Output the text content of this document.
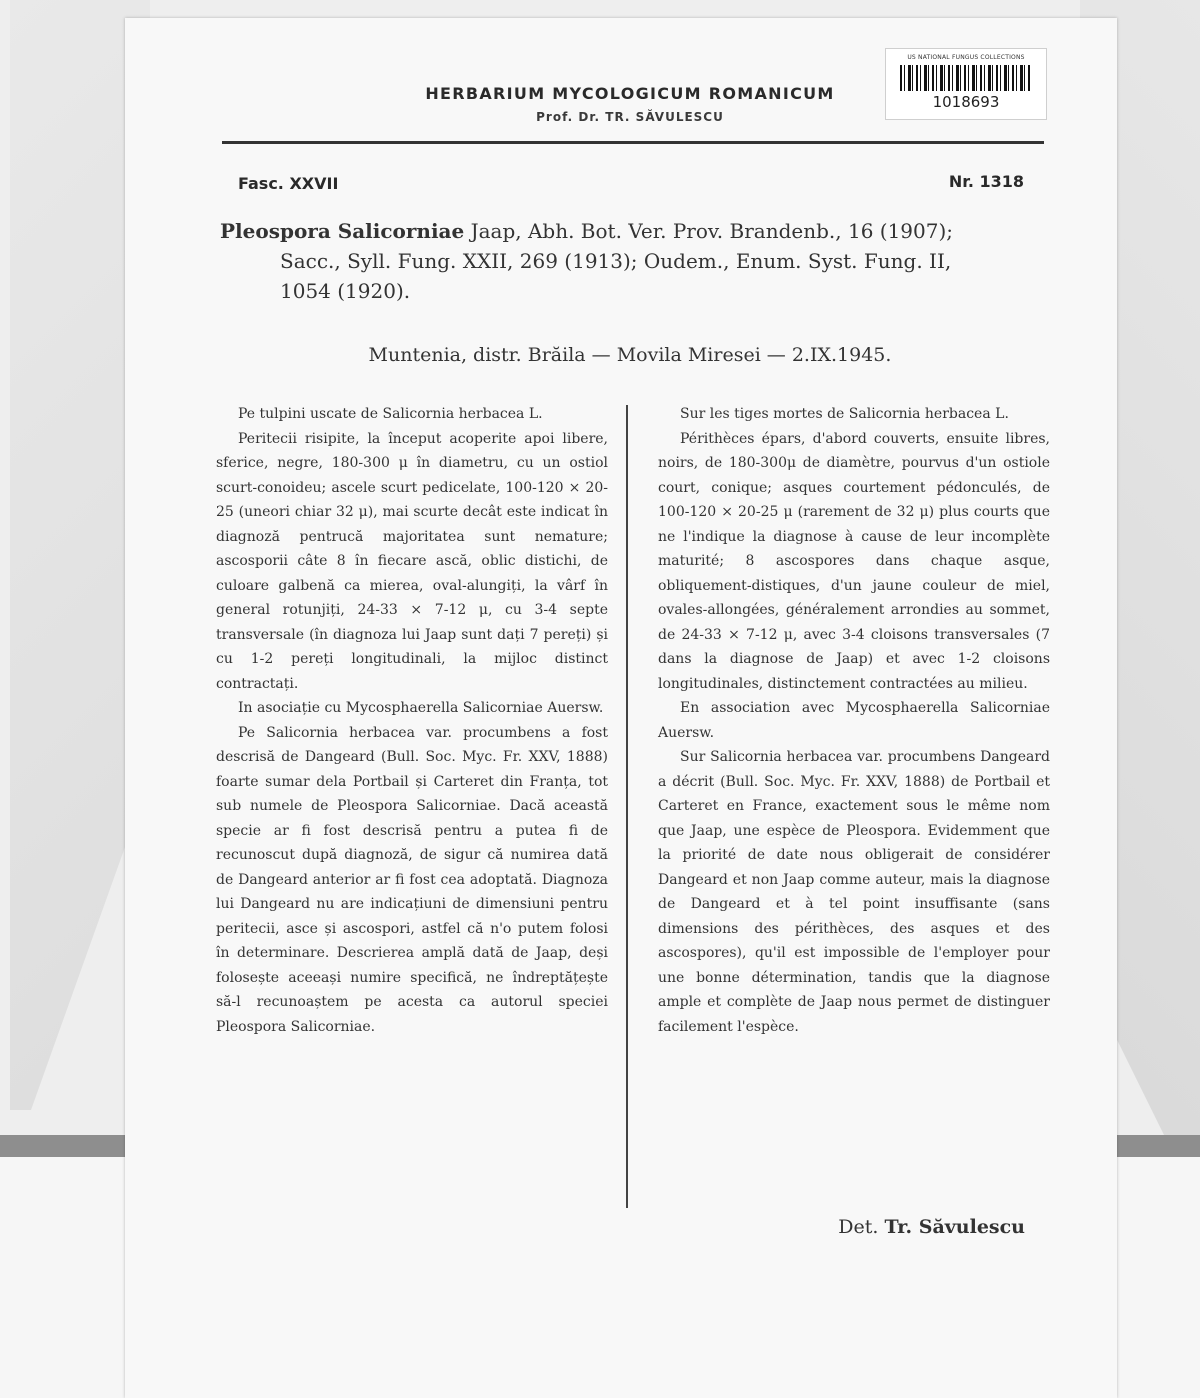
US NATIONAL FUNGUS COLLECTIONS
1018693
HERBARIUM MYCOLOGICUM ROMANICUM
Prof. Dr. TR. SĂVULESCU
Fasc. XXVII	Nr. 1318
Pleospora Salicorniae Jaap, Abh. Bot. Ver. Prov. Brandenb., 16 (1907);
Sacc., Syll. Fung. XXII, 269 (1913); Oudem., Enum. Syst. Fung. II,
1054 (1920).
Muntenia, distr. Brăila — Movila Miresei — 2.IX.1945.

Pe tulpini uscate de Salicornia herbacea L.

Peritecii risipite, la început acoperite apoi libere, sferice, negre, 180-300 μ în diametru, cu un ostiol scurt-conoideu; ascele scurt pedicelate, 100-120 × 20-25 (uneori chiar 32 μ), mai scurte decât este indicat în diagnoză pentrucă majoritatea sunt nemature; ascosporii câte 8 în fiecare ască, oblic distichi, de culoare galbenă ca mierea, oval-alungiți, la vârf în general rotunjiți, 24-33 × 7-12 μ, cu 3-4 septe transversale (în diagnoza lui Jaap sunt dați 7 pereți) și cu 1-2 pereți longitudinali, la mijloc distinct contractați.

In asociație cu Mycosphaerella Salicorniae Auersw.

Pe Salicornia herbacea var. procumbens a fost descrisă de Dangeard (Bull. Soc. Myc. Fr. XXV, 1888) foarte sumar dela Portbail și Carteret din Franța, tot sub numele de Pleospora Salicorniae. Dacă această specie ar fi fost descrisă pentru a putea fi de recunoscut după diagnoză, de sigur că numirea dată de Dangeard anterior ar fi fost cea adoptată. Diagnoza lui Dangeard nu are indicațiuni de dimensiuni pentru peritecii, asce și ascospori, astfel că n'o putem folosi în determinare. Descrierea amplă dată de Jaap, deși folosește aceeași numire specifică, ne îndreptățește să-l recunoaștem pe acesta ca autorul speciei Pleospora Salicorniae.

Sur les tiges mortes de Salicornia herbacea L.

Périthèces épars, d'abord couverts, ensuite libres, noirs, de 180-300μ de diamètre, pourvus d'un ostiole court, conique; asques courtement pédonculés, de 100-120 × 20-25 μ (rarement de 32 μ) plus courts que ne l'indique la diagnose à cause de leur incomplète maturité; 8 ascospores dans chaque asque, obliquement-distiques, d'un jaune couleur de miel, ovales-allongées, généralement arrondies au sommet, de 24-33 × 7-12 μ, avec 3-4 cloisons transversales (7 dans la diagnose de Jaap) et avec 1-2 cloisons longitudinales, distinctement contractées au milieu.

En association avec Mycosphaerella Salicorniae Auersw.

Sur Salicornia herbacea var. procumbens Dangeard a décrit (Bull. Soc. Myc. Fr. XXV, 1888) de Portbail et Carteret en France, exactement sous le même nom que Jaap, une espèce de Pleospora. Evidemment que la priorité de date nous obligerait de considérer Dangeard et non Jaap comme auteur, mais la diagnose de Dangeard et à tel point insuffisante (sans dimensions des périthèces, des asques et des ascospores), qu'il est impossible de l'employer pour une bonne détermination, tandis que la diagnose ample et complète de Jaap nous permet de distinguer facilement l'espèce.

Det. Tr. Săvulescu
